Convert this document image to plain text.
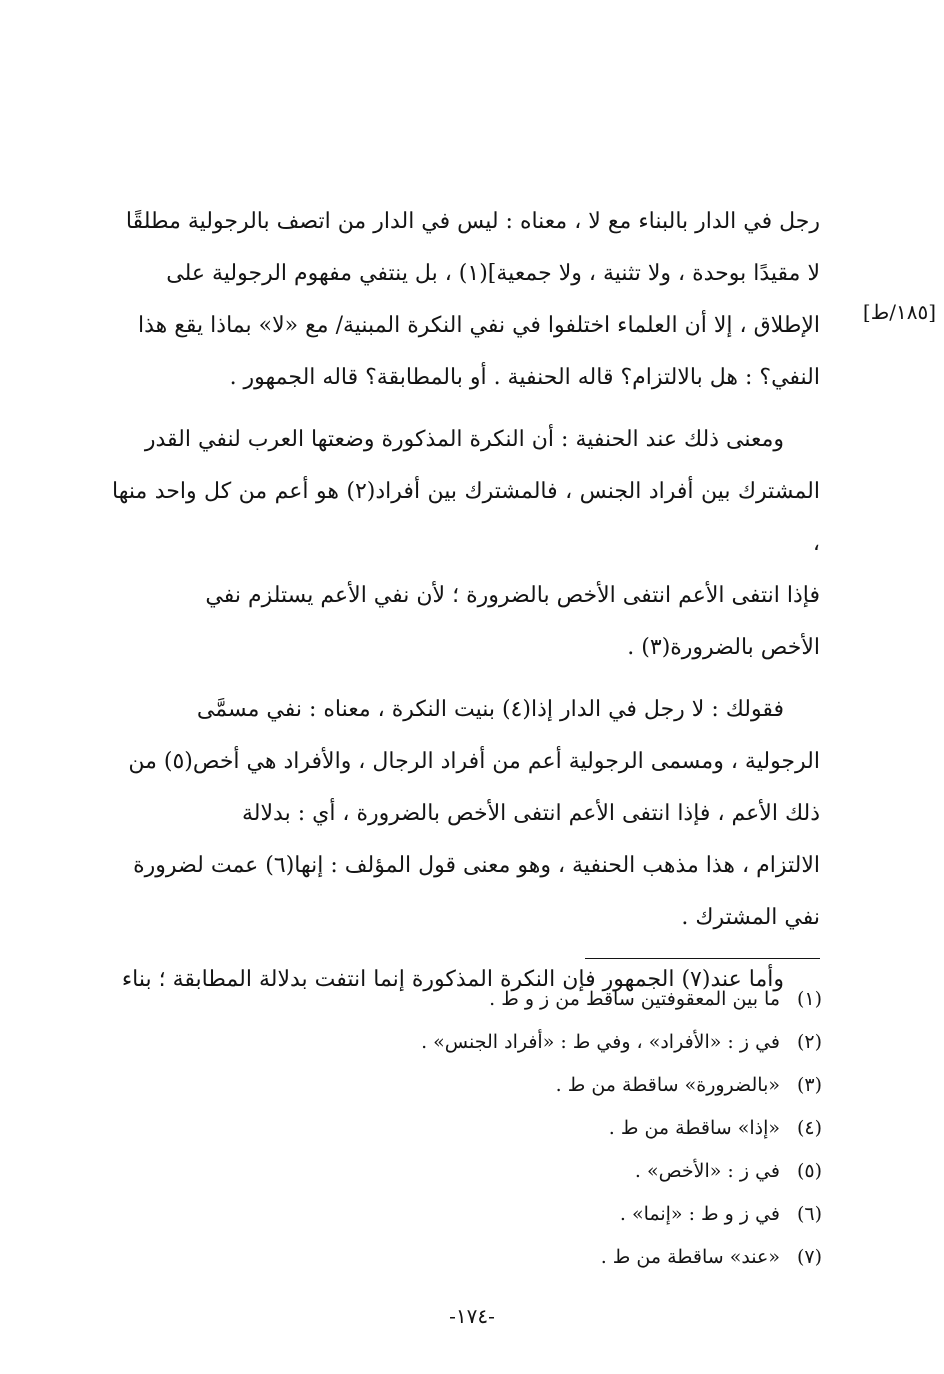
[١٨٥/ط]

رجل في الدار بالبناء مع لا ، معناه : ليس في الدار من اتصف بالرجولية مطلقًا
لا مقيدًا بوحدة ، ولا تثنية ، ولا جمعية](١) ، بل ينتفي مفهوم الرجولية على
الإطلاق ، إلا أن العلماء اختلفوا في نفي النكرة المبنية/ مع «لا» بماذا يقع هذا
النفي؟ : هل بالالتزام؟ قاله الحنفية . أو بالمطابقة؟ قاله الجمهور .

ومعنى ذلك عند الحنفية : أن النكرة المذكورة وضعتها العرب لنفي القدر
المشترك بين أفراد الجنس ، فالمشترك بين أفراد(٢) هو أعم من كل واحد منها ،
فإذا انتفى الأعم انتفى الأخص بالضرورة ؛ لأن نفي الأعم يستلزم نفي
الأخص بالضرورة(٣) .

فقولك : لا رجل في الدار إذا(٤) بنيت النكرة ، معناه : نفي مسمَّى
الرجولية ، ومسمى الرجولية أعم من أفراد الرجال ، والأفراد هي أخص(٥) من
ذلك الأعم ، فإذا انتفى الأعم انتفى الأخص بالضرورة ، أي : بدلالة
الالتزام ، هذا مذهب الحنفية ، وهو معنى قول المؤلف : إنها(٦) عمت لضرورة
نفي المشترك .

وأما عند(٧) الجمهور فإن النكرة المذكورة إنما انتفت بدلالة المطابقة ؛ بناء

(١)ما بين المعقوفتين ساقط من ز و ط .
(٢)في ز : «الأفراد» ، وفي ط : «أفراد الجنس» .
(٣)«بالضرورة» ساقطة من ط .
(٤)«إذا» ساقطة من ط .
(٥)في ز : «الأخص» .
(٦)في ز و ط : «إنما» .
(٧)«عند» ساقطة من ط .
-١٧٤-
